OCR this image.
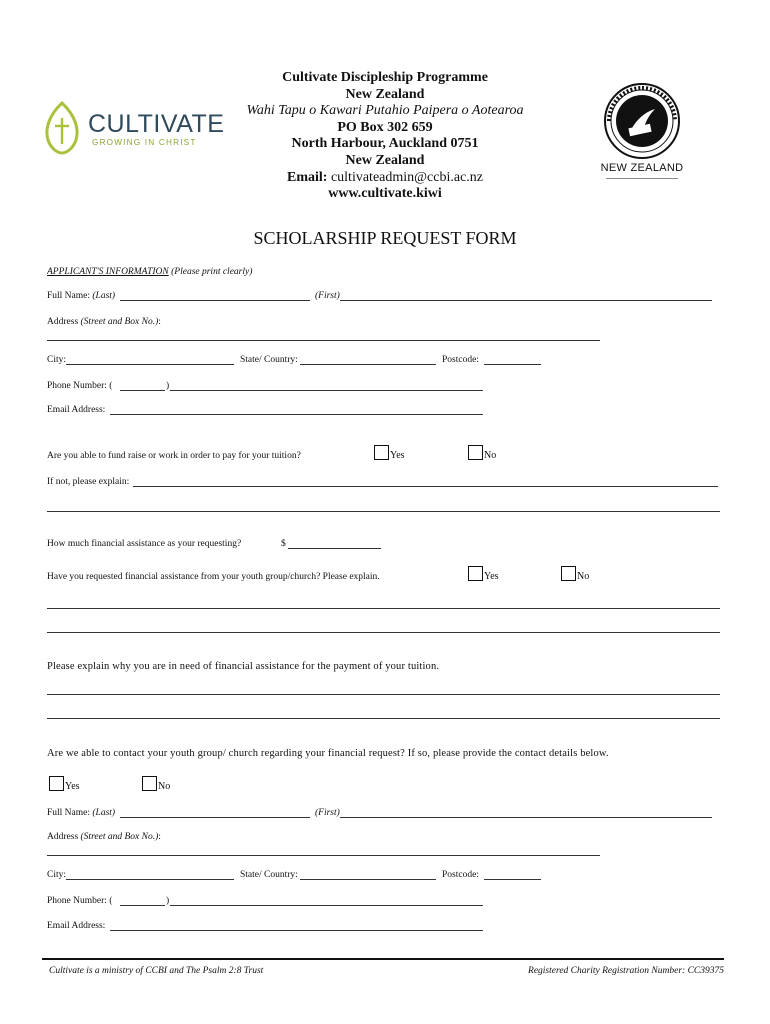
CULTIVATE
GROWING IN CHRIST
NEW ZEALAND
Cultivate Discipleship Programme
New Zealand
Wahi Tapu o Kawari Putahio Paipera o Aotearoa
PO Box 302 659
North Harbour, Auckland 0751
New Zealand
Email: cultivateadmin@ccbi.ac.nz
www.cultivate.kiwi
SCHOLARSHIP REQUEST FORM
APPLICANT'S INFORMATION (Please print clearly)
Full Name: (Last)	(First)
Address (Street and Box No.):
City:	State/ Country:	Postcode:
Phone Number: (	)
Email Address:
Are you able to fund raise or work in order to pay for your tuition?	Yes	No
If not, please explain:
How much financial assistance as your requesting?	$
Have you requested financial assistance from your youth group/church? Please explain.	Yes	No
Please explain why you are in need of financial assistance for the payment of your tuition.
Are we able to contact your youth group/ church regarding your financial request? If so, please provide the contact details below.
Yes	No
Full Name: (Last)	(First)
Address (Street and Box No.):
City:	State/ Country:	Postcode:
Phone Number: (	)
Email Address:
Cultivate is a ministry of CCBI and The Psalm 2:8 Trust	Registered Charity Registration Number: CC39375
